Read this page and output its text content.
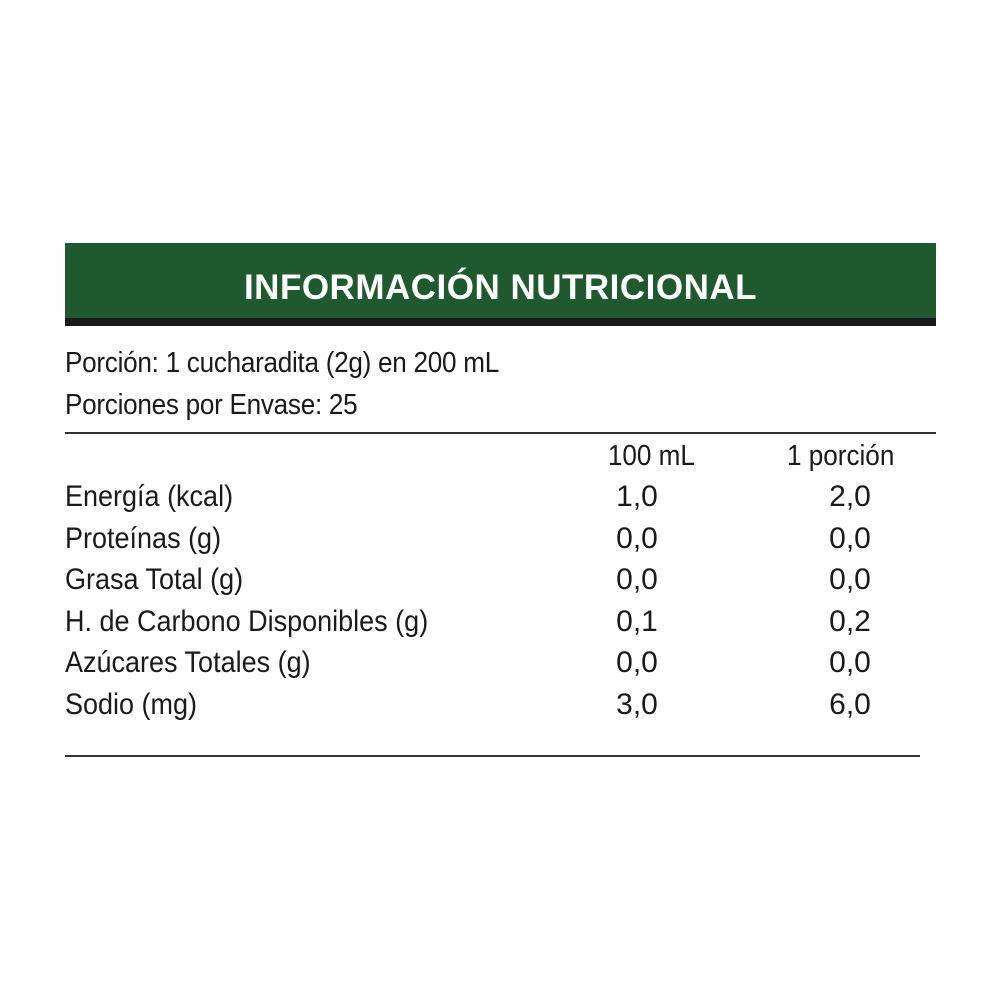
INFORMACIÓN NUTRICIONAL
Porción: 1 cucharadita (2g) en 200 mL
Porciones por Envase: 25
100 mL	1 porción
Energía (kcal)	1,0	2,0
Proteínas (g)	0,0	0,0
Grasa Total (g)	0,0	0,0
H. de Carbono Disponibles (g)	0,1	0,2
Azúcares Totales (g)	0,0	0,0
Sodio (mg)	3,0	6,0
